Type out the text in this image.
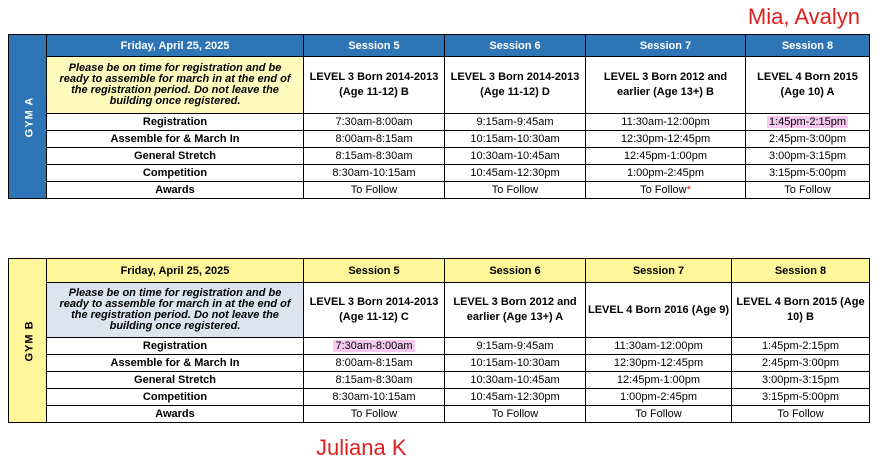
Mia, Avalyn
GYM A	Friday, April 25, 2025	Session 5	Session 6	Session 7	Session 8
	Please be on time for registration and be ready to assemble for march in at the end of the registration period. Do not leave the building once registered.	LEVEL 3 Born 2014-2013 (Age 11-12) B	LEVEL 3 Born 2014-2013 (Age 11-12) D	LEVEL 3 Born 2012 and earlier (Age 13+) B	LEVEL 4 Born 2015 (Age 10) A
	Registration	7:30am-8:00am	9:15am-9:45am	11:30am-12:00pm	1:45pm-2:15pm
	Assemble for & March In	8:00am-8:15am	10:15am-10:30am	12:30pm-12:45pm	2:45pm-3:00pm
	General Stretch	8:15am-8:30am	10:30am-10:45am	12:45pm-1:00pm	3:00pm-3:15pm
	Competition	8:30am-10:15am	10:45am-12:30pm	1:00pm-2:45pm	3:15pm-5:00pm
	Awards	To Follow	To Follow	To Follow*	To Follow
GYM B	Friday, April 25, 2025	Session 5	Session 6	Session 7	Session 8
	Please be on time for registration and be ready to assemble for march in at the end of the registration period. Do not leave the building once registered.	LEVEL 3 Born 2014-2013 (Age 11-12) C	LEVEL 3 Born 2012 and earlier (Age 13+) A	LEVEL 4 Born 2016 (Age 9)	LEVEL 4 Born 2015 (Age 10) B
	Registration	7:30am-8:00am	9:15am-9:45am	11:30am-12:00pm	1:45pm-2:15pm
	Assemble for & March In	8:00am-8:15am	10:15am-10:30am	12:30pm-12:45pm	2:45pm-3:00pm
	General Stretch	8:15am-8:30am	10:30am-10:45am	12:45pm-1:00pm	3:00pm-3:15pm
	Competition	8:30am-10:15am	10:45am-12:30pm	1:00pm-2:45pm	3:15pm-5:00pm
	Awards	To Follow	To Follow	To Follow	To Follow
Juliana K
